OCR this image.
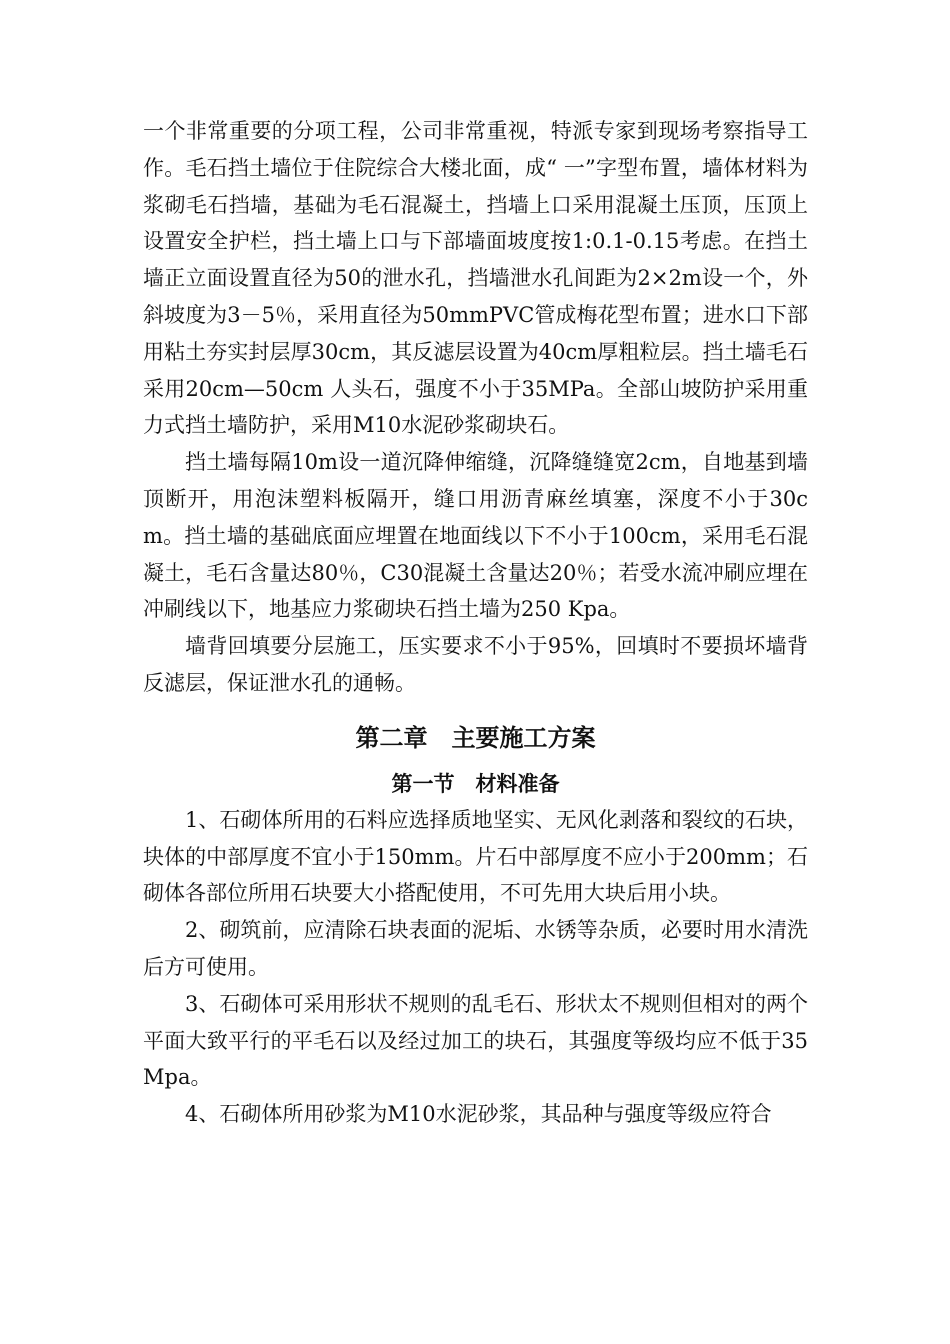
一个非常重要的分项工程，公司非常重视，特派专家到现场考察指导工作。毛石挡土墙位于住院综合大楼北面，成“ 一”字型布置，墙体材料为浆砌毛石挡墙，基础为毛石混凝土，挡墙上口采用混凝土压顶，压顶上设置安全护栏，挡土墙上口与下部墙面坡度按1:0.1-0.15考虑。在挡土墙正立面设置直径为50的泄水孔，挡墙泄水孔间距为2×2m设一个，外斜坡度为3－5％，采用直径为50mmPVC管成梅花型布置；进水口下部用粘土夯实封层厚30cm，其反滤层设置为40cm厚粗粒层。挡土墙毛石采用20cm—50cm 人头石，强度不小于35MPa。全部山坡防护采用重力式挡土墙防护，采用M10水泥砂浆砌块石。

挡土墙每隔10m设一道沉降伸缩缝，沉降缝缝宽2cm，自地基到墙顶断开，用泡沫塑料板隔开，缝口用沥青麻丝填塞，深度不小于30cm。挡土墙的基础底面应埋置在地面线以下不小于100cm，采用毛石混凝土，毛石含量达80％，C30混凝土含量达20％；若受水流冲刷应埋在冲刷线以下，地基应力浆砌块石挡土墙为250 Kpa。

墙背回填要分层施工，压实要求不小于95%，回填时不要损坏墙背反滤层，保证泄水孔的通畅。

第二章　主要施工方案
第一节　材料准备

1、石砌体所用的石料应选择质地坚实、无风化剥落和裂纹的石块，块体的中部厚度不宜小于150mm。片石中部厚度不应小于200mm；石砌体各部位所用石块要大小搭配使用，不可先用大块后用小块。

2、砌筑前，应清除石块表面的泥垢、水锈等杂质，必要时用水清洗后方可使用。

3、石砌体可采用形状不规则的乱毛石、形状太不规则但相对的两个平面大致平行的平毛石以及经过加工的块石，其强度等级均应不低于35Mpa。

4、石砌体所用砂浆为M10水泥砂浆，其品种与强度等级应符合
